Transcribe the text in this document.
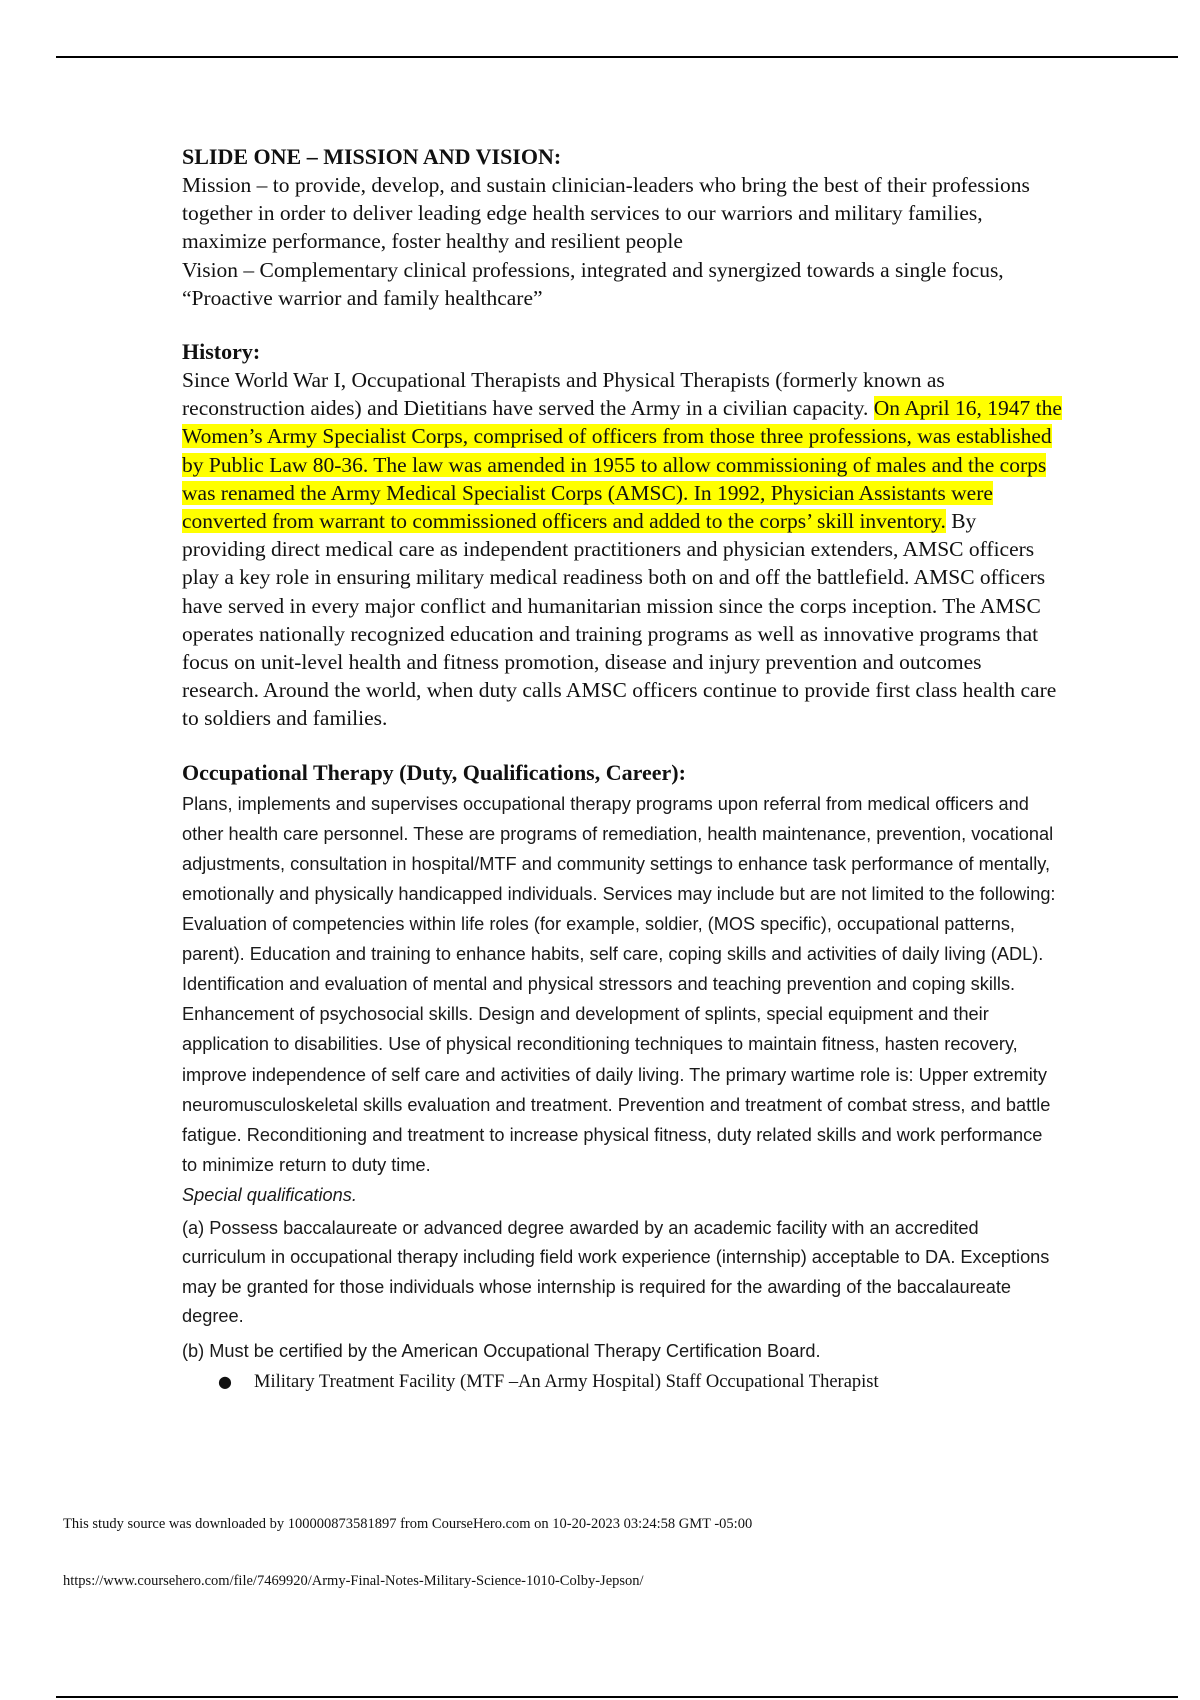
SLIDE ONE – MISSION AND VISION:

Mission – to provide, develop, and sustain clinician-leaders who bring the best of their professions together in order to deliver leading edge health services to our warriors and military families, maximize performance, foster healthy and resilient people

Vision – Complementary clinical professions, integrated and synergized towards a single focus, “Proactive warrior and family healthcare”

History:

Since World War I, Occupational Therapists and Physical Therapists (formerly known as reconstruction aides) and Dietitians have served the Army in a civilian capacity. On April 16, 1947 the Women’s Army Specialist Corps, comprised of officers from those three professions, was established by Public Law 80-36. The law was amended in 1955 to allow commissioning of males and the corps was renamed the Army Medical Specialist Corps (AMSC). In 1992, Physician Assistants were converted from warrant to commissioned officers and added to the corps’ skill inventory. By providing direct medical care as independent practitioners and physician extenders, AMSC officers play a key role in ensuring military medical readiness both on and off the battlefield. AMSC officers have served in every major conflict and humanitarian mission since the corps inception. The AMSC operates nationally recognized education and training programs as well as innovative programs that focus on unit-level health and fitness promotion, disease and injury prevention and outcomes research. Around the world, when duty calls AMSC officers continue to provide first class health care to soldiers and families.

Occupational Therapy (Duty, Qualifications, Career):

Plans, implements and supervises occupational therapy programs upon referral from medical officers and other health care personnel. These are programs of remediation, health maintenance, prevention, vocational adjustments, consultation in hospital/MTF and community settings to enhance task performance of mentally, emotionally and physically handicapped individuals. Services may include but are not limited to the following: Evaluation of competencies within life roles (for example, soldier, (MOS specific), occupational patterns, parent). Education and training to enhance habits, self care, coping skills and activities of daily living (ADL). Identification and evaluation of mental and physical stressors and teaching prevention and coping skills. Enhancement of psychosocial skills. Design and development of splints, special equipment and their application to disabilities. Use of physical reconditioning techniques to maintain fitness, hasten recovery, improve independence of self care and activities of daily living. The primary wartime role is: Upper extremity neuromusculoskeletal skills evaluation and treatment. Prevention and treatment of combat stress, and battle fatigue. Reconditioning and treatment to increase physical fitness, duty related skills and work performance to minimize return to duty time.

Special qualifications.

(a) Possess baccalaureate or advanced degree awarded by an academic facility with an accredited curriculum in occupational therapy including field work experience (internship) acceptable to DA. Exceptions may be granted for those individuals whose internship is required for the awarding of the baccalaureate degree.

(b) Must be certified by the American Occupational Therapy Certification Board.

●	Military Treatment Facility (MTF –An Army Hospital) Staff Occupational Therapist
This study source was downloaded by 100000873581897 from CourseHero.com on 10-20-2023 03:24:58 GMT -05:00
https://www.coursehero.com/file/7469920/Army-Final-Notes-Military-Science-1010-Colby-Jepson/
